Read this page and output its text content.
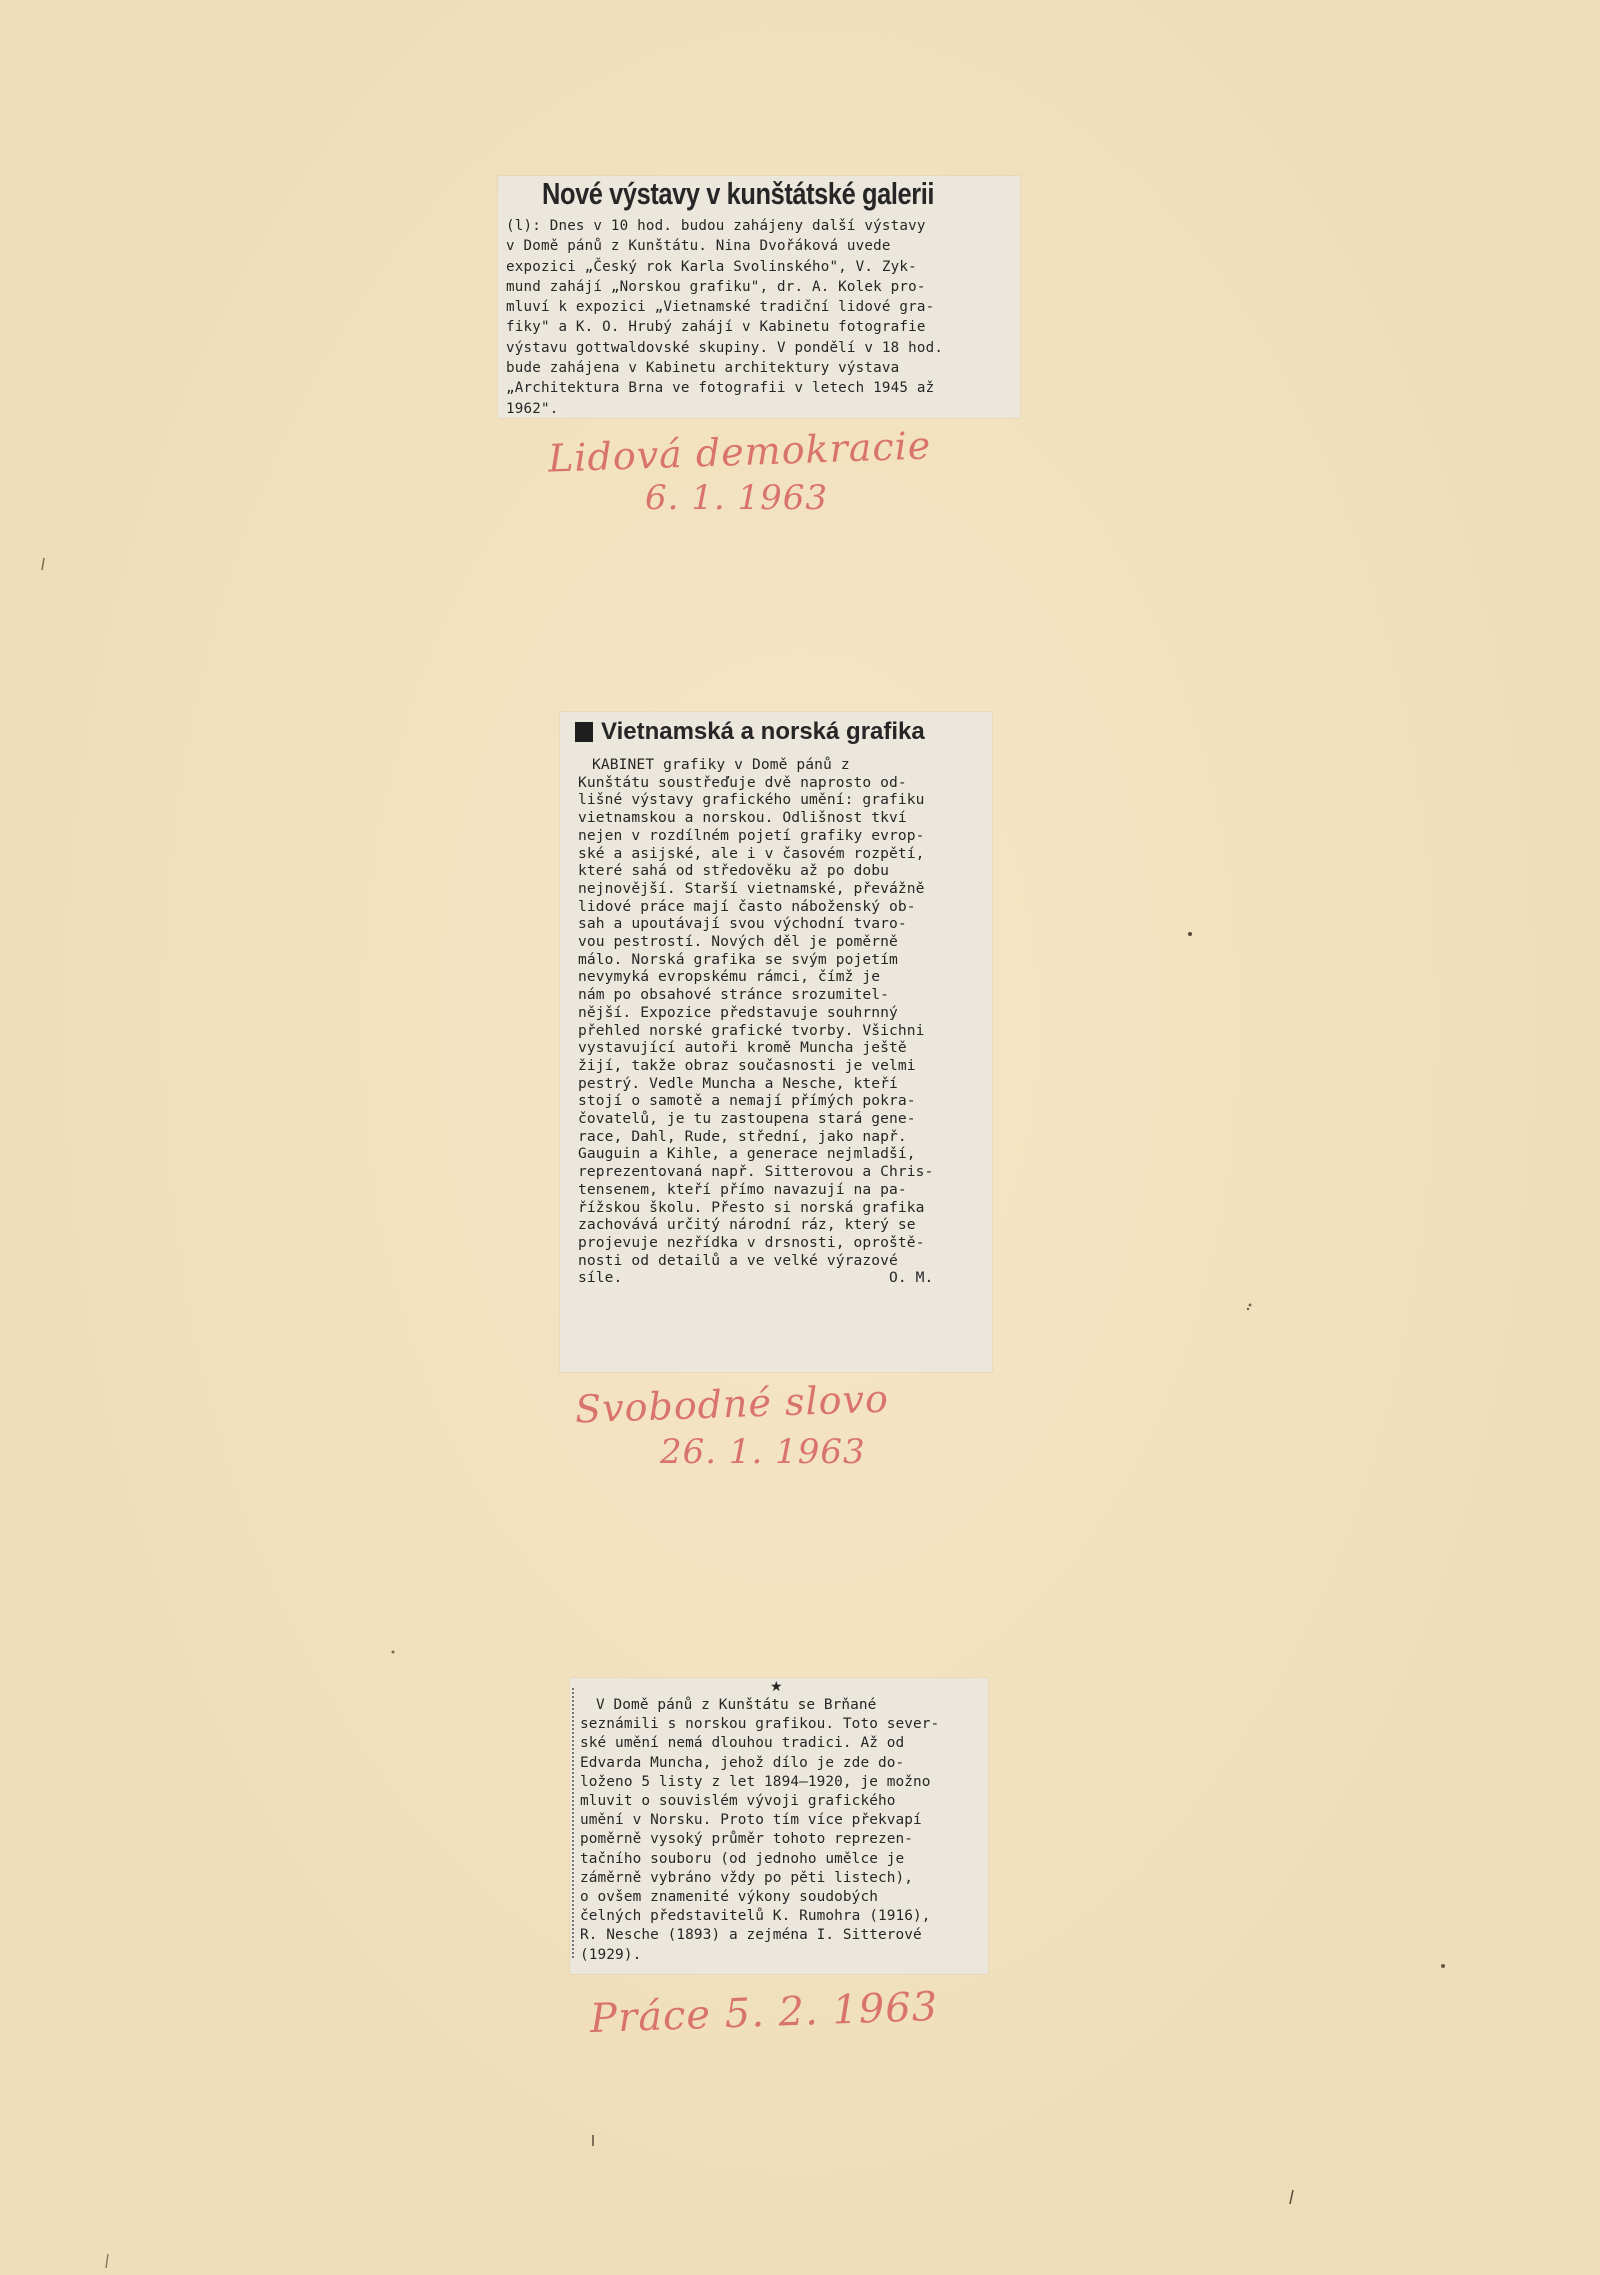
Nové výstavy v kunštátské galerii

(l): Dnes v 10 hod. budou zahájeny další výstavy

v Domě pánů z Kunštátu. Nina Dvořáková uvede

expozici „Český rok Karla Svolinského", V. Zyk-

mund zahájí „Norskou grafiku", dr. A. Kolek pro-

mluví k expozici „Vietnamské tradiční lidové gra-

fiky" a K. O. Hrubý zahájí v Kabinetu fotografie

výstavu gottwaldovské skupiny. V pondělí v 18 hod.

bude zahájena v Kabinetu architektury výstava

„Architektura Brna ve fotografii v letech 1945 až

1962".

Lidová demokracie
6. 1. 1963
Vietnamská a norská grafika

KABINET grafiky v Domě pánů z

Kunštátu soustřeďuje dvě naprosto od-

lišné výstavy grafického umění: grafiku

vietnamskou a norskou. Odlišnost tkví

nejen v rozdílném pojetí grafiky evrop-

ské a asijské, ale i v časovém rozpětí,

které sahá od středověku až po dobu

nejnovější. Starší vietnamské, převážně

lidové práce mají často náboženský ob-

sah a upoutávají svou východní tvaro-

vou pestrostí. Nových děl je poměrně

málo. Norská grafika se svým pojetím

nevymyká evropskému rámci, čímž je

nám po obsahové stránce srozumitel-

nější. Expozice představuje souhrnný

přehled norské grafické tvorby. Všichni

vystavující autoři kromě Muncha ještě

žijí, takže obraz současnosti je velmi

pestrý. Vedle Muncha a Nesche, kteří

stojí o samotě a nemají přímých pokra-

čovatelů, je tu zastoupena stará gene-

race, Dahl, Rude, střední, jako např.

Gauguin a Kihle, a generace nejmladší,

reprezentovaná např. Sitterovou a Chris-

tensenem, kteří přímo navazují na pa-

řížskou školu. Přesto si norská grafika

zachovává určitý národní ráz, který se

projevuje nezřídka v drsnosti, oproště-

nosti od detailů a ve velké výrazové

síle.                              O. M.

Svobodné slovo
26. 1. 1963
★

V Domě pánů z Kunštátu se Brňané

seznámili s norskou grafikou. Toto sever-

ské umění nemá dlouhou tradici. Až od

Edvarda Muncha, jehož dílo je zde do-

loženo 5 listy z let 1894—1920, je možno

mluvit o souvislém vývoji grafického

umění v Norsku. Proto tím více překvapí

poměrně vysoký průměr tohoto reprezen-

tačního souboru (od jednoho umělce je

záměrně vybráno vždy po pěti listech),

o ovšem znamenité výkony soudobých

čelných představitelů K. Rumohra (1916),

R. Nesche (1893) a zejména I. Sitterové

(1929).

Práce 5. 2. 1963
